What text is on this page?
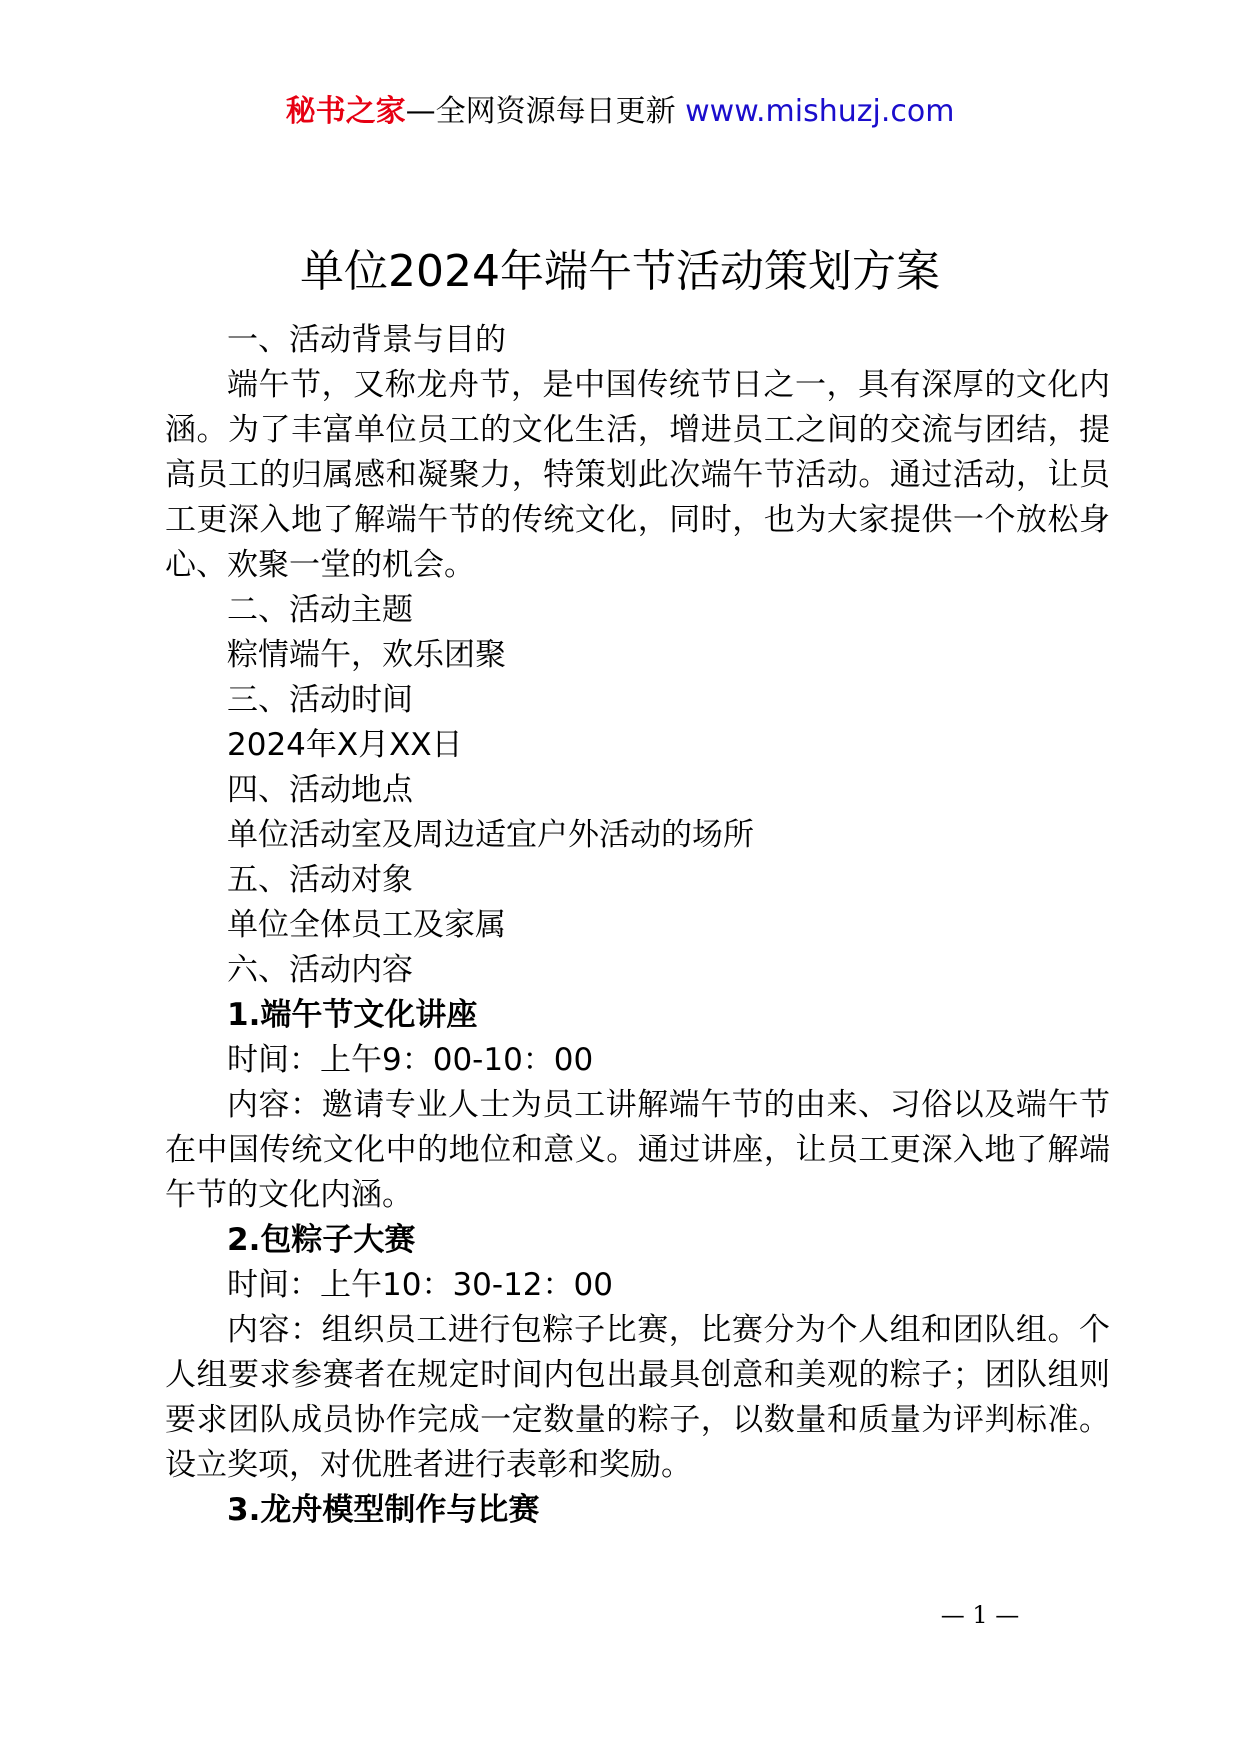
秘书之家—全网资源每日更新 www.mishuzj.com
单位2024年端午节活动策划方案

一、活动背景与目的

端午节，又称龙舟节，是中国传统节日之一，具有深厚的文化内涵。为了丰富单位员工的文化生活，增进员工之间的交流与团结，提高员工的归属感和凝聚力，特策划此次端午节活动。通过活动，让员工更深入地了解端午节的传统文化，同时，也为大家提供一个放松身心、欢聚一堂的机会。

二、活动主题

粽情端午，欢乐团聚

三、活动时间

2024年X月XX日

四、活动地点

单位活动室及周边适宜户外活动的场所

五、活动对象

单位全体员工及家属

六、活动内容

1.端午节文化讲座

时间：上午9：00-10：00

内容：邀请专业人士为员工讲解端午节的由来、习俗以及端午节在中国传统文化中的地位和意义。通过讲座，让员工更深入地了解端午节的文化内涵。

2.包粽子大赛

时间：上午10：30-12：00

内容：组织员工进行包粽子比赛，比赛分为个人组和团队组。个人组要求参赛者在规定时间内包出最具创意和美观的粽子；团队组则要求团队成员协作完成一定数量的粽子，以数量和质量为评判标准。设立奖项，对优胜者进行表彰和奖励。

3.龙舟模型制作与比赛

— 1 —
